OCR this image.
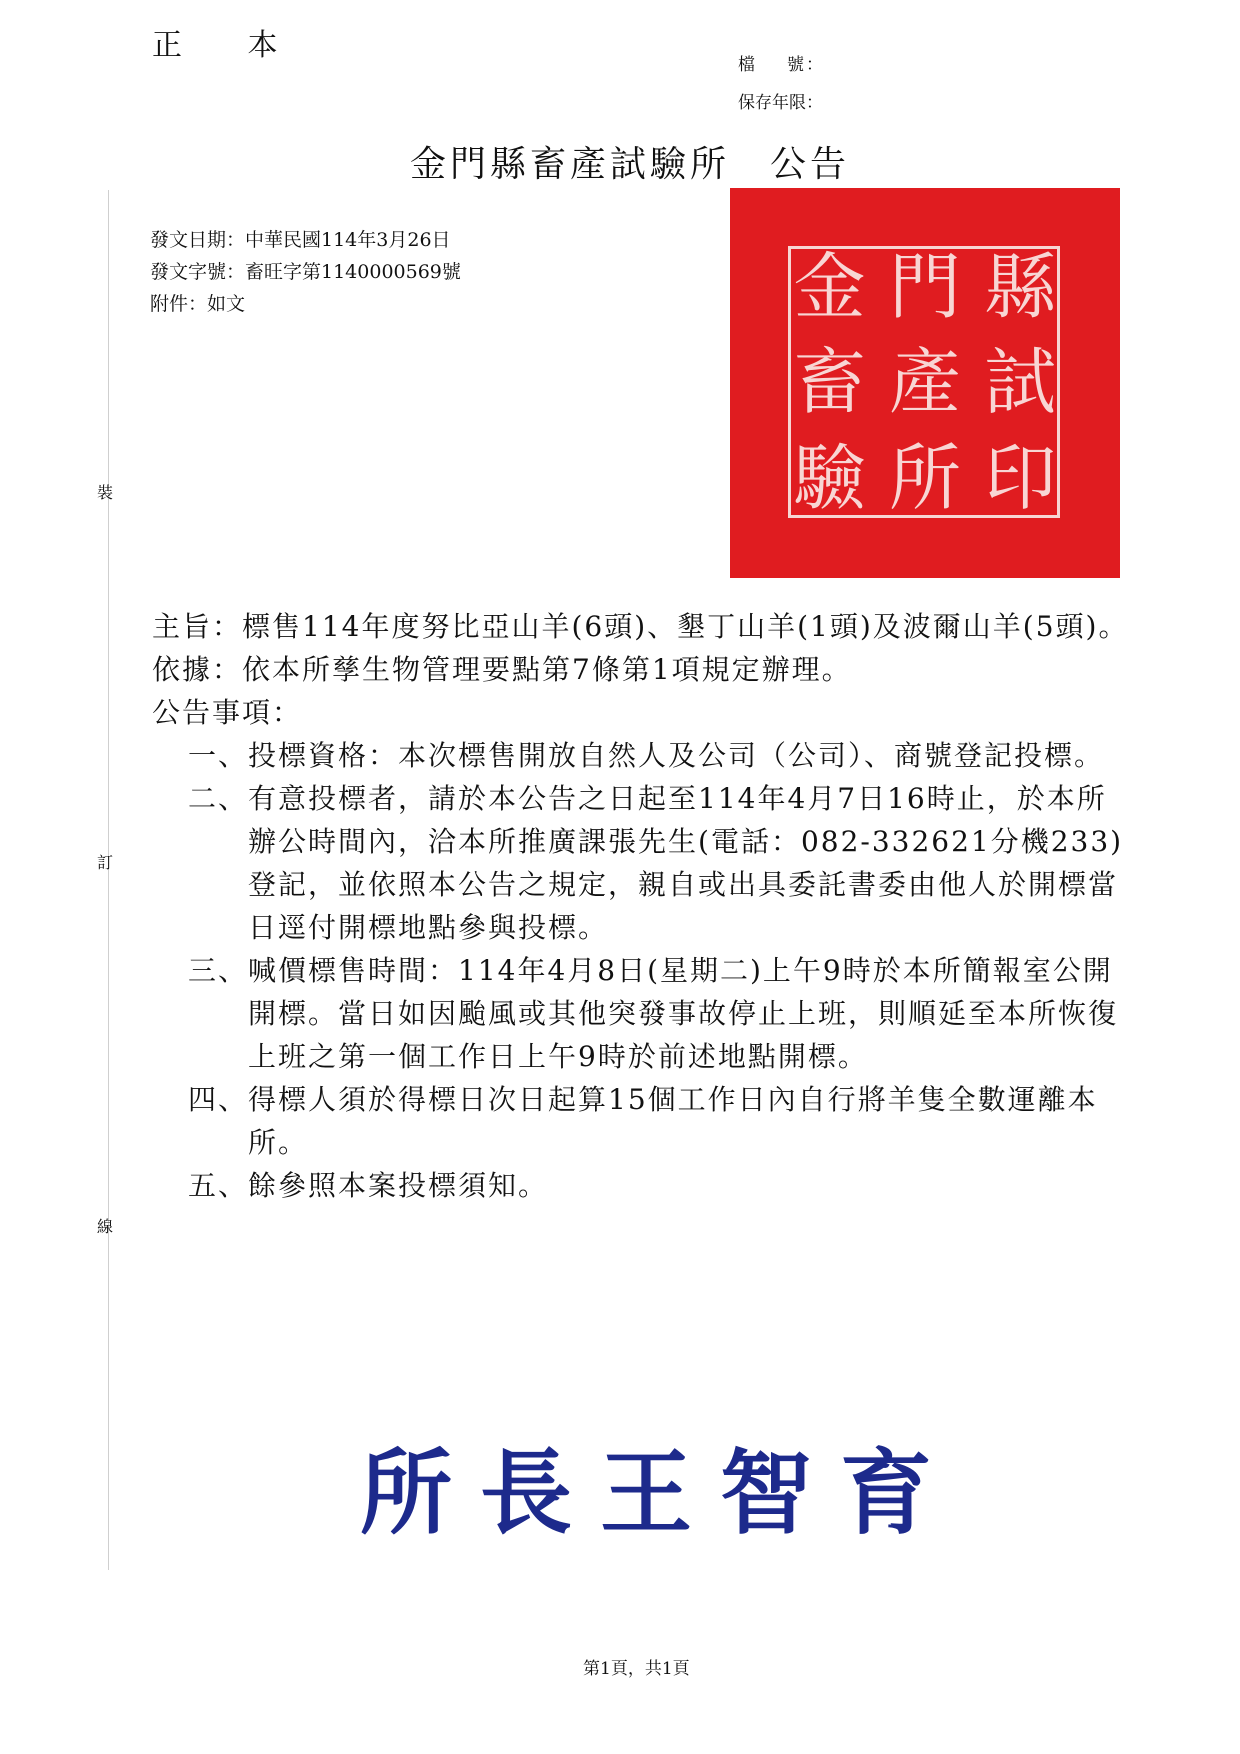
正 本
檔 號：
保存年限：
金門縣畜產試驗所 公告
發文日期：中華民國114年3月26日
發文字號：畜旺字第1140000569號
附件：如文	金 門 縣
畜 產 試
驗 所 印
裝
訂
線
主旨： 標售114年度努比亞山羊(6頭)、墾丁山羊(1頭)及波爾山羊(5頭)。
依據： 依本所孳生物管理要點第7條第1項規定辦理。
公告事項：
一、 投標資格：本次標售開放自然人及公司（公司）、商號登記投標。
二、 有意投標者，請於本公告之日起至114年4月7日16時止，於本所辦公時間內，洽本所推廣課張先生(電話：082-332621分機233)登記，並依照本公告之規定，親自或出具委託書委由他人於開標當日逕付開標地點參與投標。
三、 喊價標售時間：114年4月8日(星期二)上午9時於本所簡報室公開開標。當日如因颱風或其他突發事故停止上班，則順延至本所恢復上班之第一個工作日上午9時於前述地點開標。
四、 得標人須於得標日次日起算15個工作日內自行將羊隻全數運離本所。
五、 餘參照本案投標須知。
所長王智育
第1頁，共1頁
